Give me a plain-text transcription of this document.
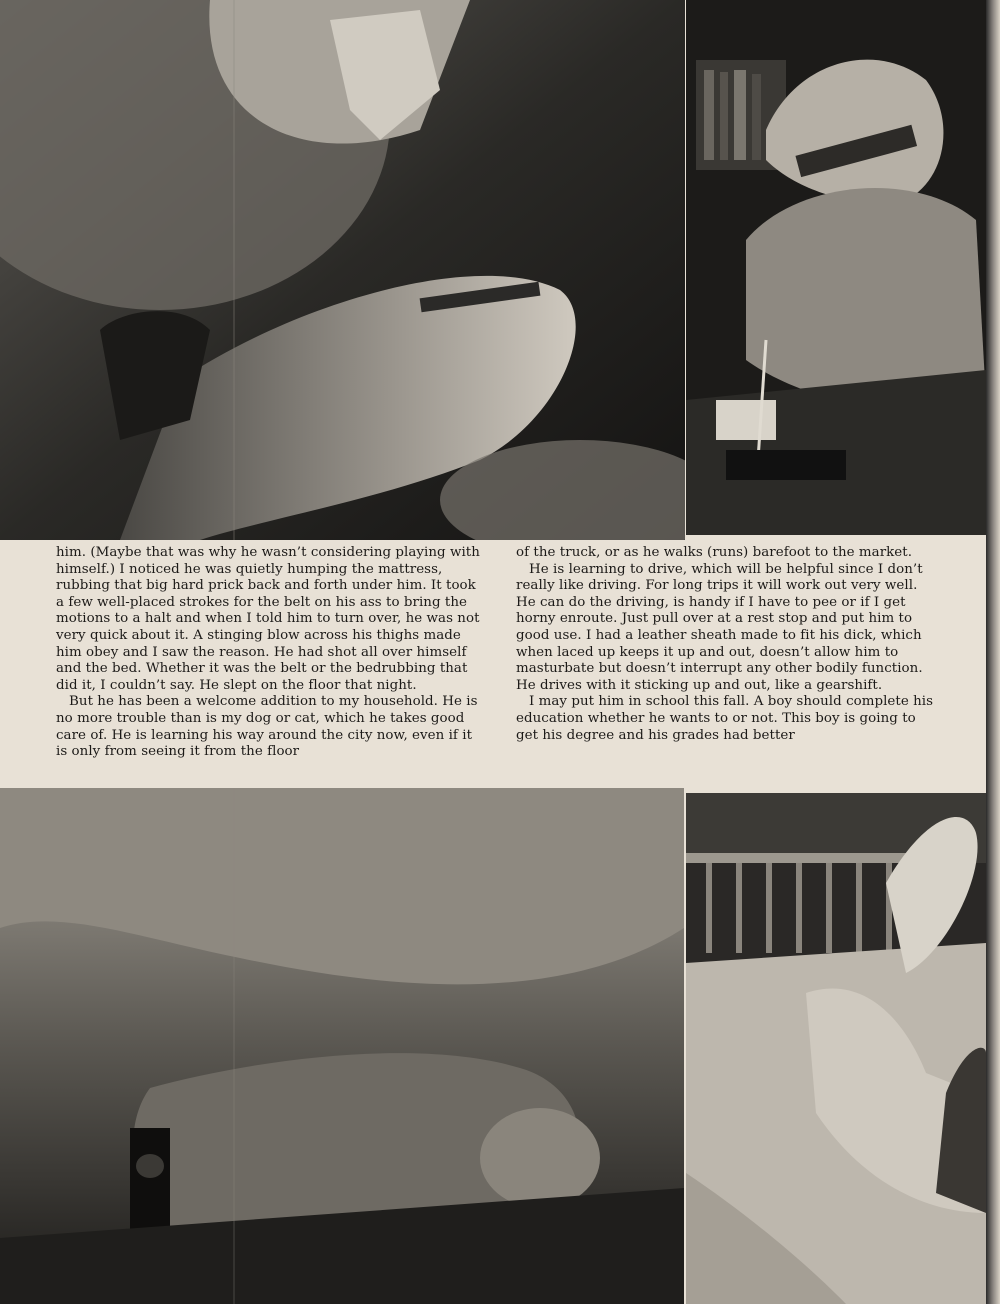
him. (Maybe that was why he wasn’t considering playing with himself.) I noticed he was quietly humping the mattress, rubbing that big hard prick back and forth under him. It took a few well-placed strokes for the belt on his ass to bring the motions to a halt and when I told him to turn over, he was not very quick about it. A stinging blow across his thighs made him obey and I saw the reason. He had shot all over himself and the bed. Whether it was the belt or the bedrubbing that did it, I couldn’t say. He slept on the floor that night.

But he has been a welcome addition to my household. He is no more trouble than is my dog or cat, which he takes good care of. He is learning his way around the city now, even if it is only from seeing it from the floor

of the truck, or as he walks (runs) barefoot to the market.

He is learning to drive, which will be helpful since I don’t really like driving. For long trips it will work out very well. He can do the driving, is handy if I have to pee or if I get horny enroute. Just pull over at a rest stop and put him to good use. I had a leather sheath made to fit his dick, which when laced up keeps it up and out, doesn’t allow him to masturbate but doesn’t interrupt any other bodily function. He drives with it sticking up and out, like a gearshift.

I may put him in school this fall. A boy should complete his education whether he wants to or not. This boy is going to get his degree and his grades had better
